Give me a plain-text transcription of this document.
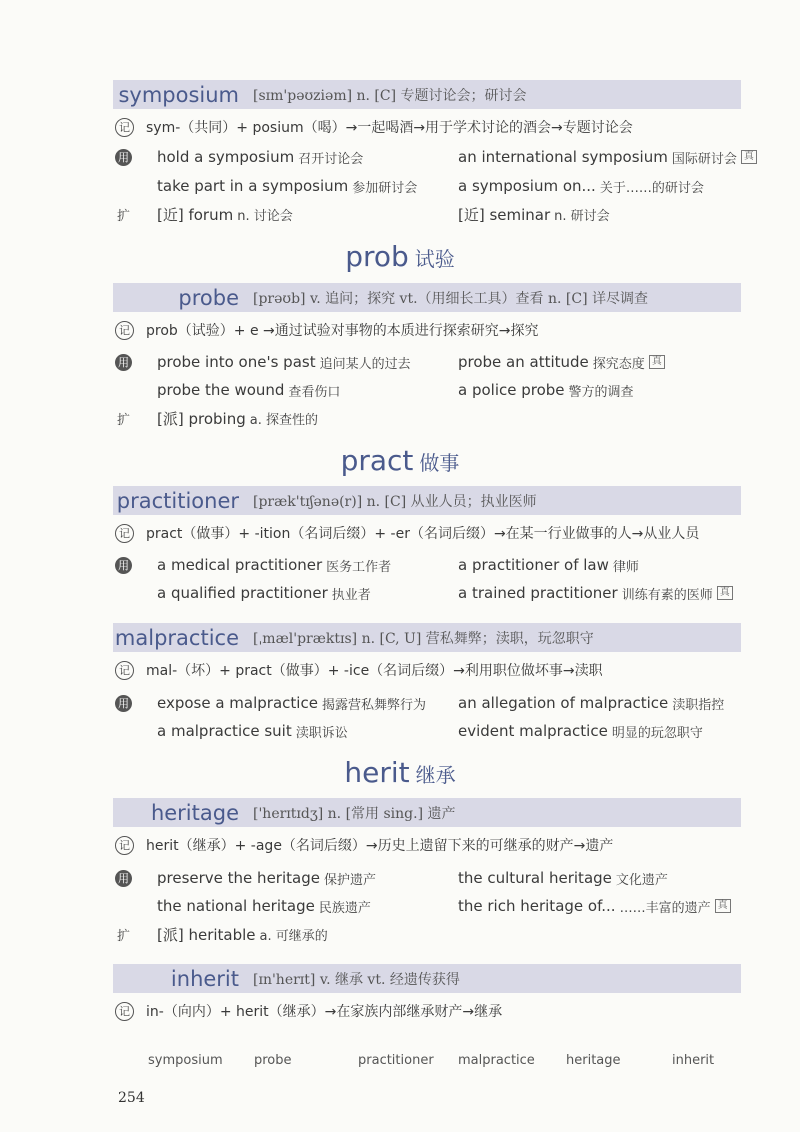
symposium	[sɪm'pəʊziəm] n. [C] 专题讨论会；研讨会
记 sym-（共同）+ posium（喝）→一起喝酒→用于学术讨论的酒会→专题讨论会
用 hold a symposium 召开讨论会	an international symposium 国际研讨会 真
take part in a symposium 参加研讨会	a symposium on... 关于……的研讨会
扩 [近] forum n. 讨论会	[近] seminar n. 研讨会
prob 试验
probe	[prəʊb] v. 追问；探究 vt.（用细长工具）查看 n. [C] 详尽调查
记 prob（试验）+ e →通过试验对事物的本质进行探索研究→探究
用 probe into one's past 追问某人的过去	probe an attitude 探究态度 真
probe the wound 查看伤口	a police probe 警方的调查
扩 [派] probing a. 探查性的
pract 做事
practitioner	[præk'tɪʃənə(r)] n. [C] 从业人员；执业医师
记 pract（做事）+ -ition（名词后缀）+ -er（名词后缀）→在某一行业做事的人→从业人员
用 a medical practitioner 医务工作者	a practitioner of law 律师
a qualified practitioner 执业者	a trained practitioner 训练有素的医师 真
malpractice	[ˌmæl'præktɪs] n. [C, U] 营私舞弊；渎职，玩忽职守
记 mal-（坏）+ pract（做事）+ -ice（名词后缀）→利用职位做坏事→渎职
用 expose a malpractice 揭露营私舞弊行为 an allegation of malpractice 渎职指控
a malpractice suit 渎职诉讼	evident malpractice 明显的玩忽职守
herit 继承
heritage	['herɪtɪdʒ] n. [常用 sing.] 遗产
记 herit（继承）+ -age（名词后缀）→历史上遗留下来的可继承的财产→遗产
用 preserve the heritage 保护遗产	the cultural heritage 文化遗产
the national heritage 民族遗产	the rich heritage of... ……丰富的遗产 真
扩 [派] heritable a. 可继承的
inherit	[ɪn'herɪt] v. 继承 vt. 经遗传获得
记 in-（向内）+ herit（继承）→在家族内部继承财产→继承
symposium probe	practitioner malpractice heritage	inherit
254
